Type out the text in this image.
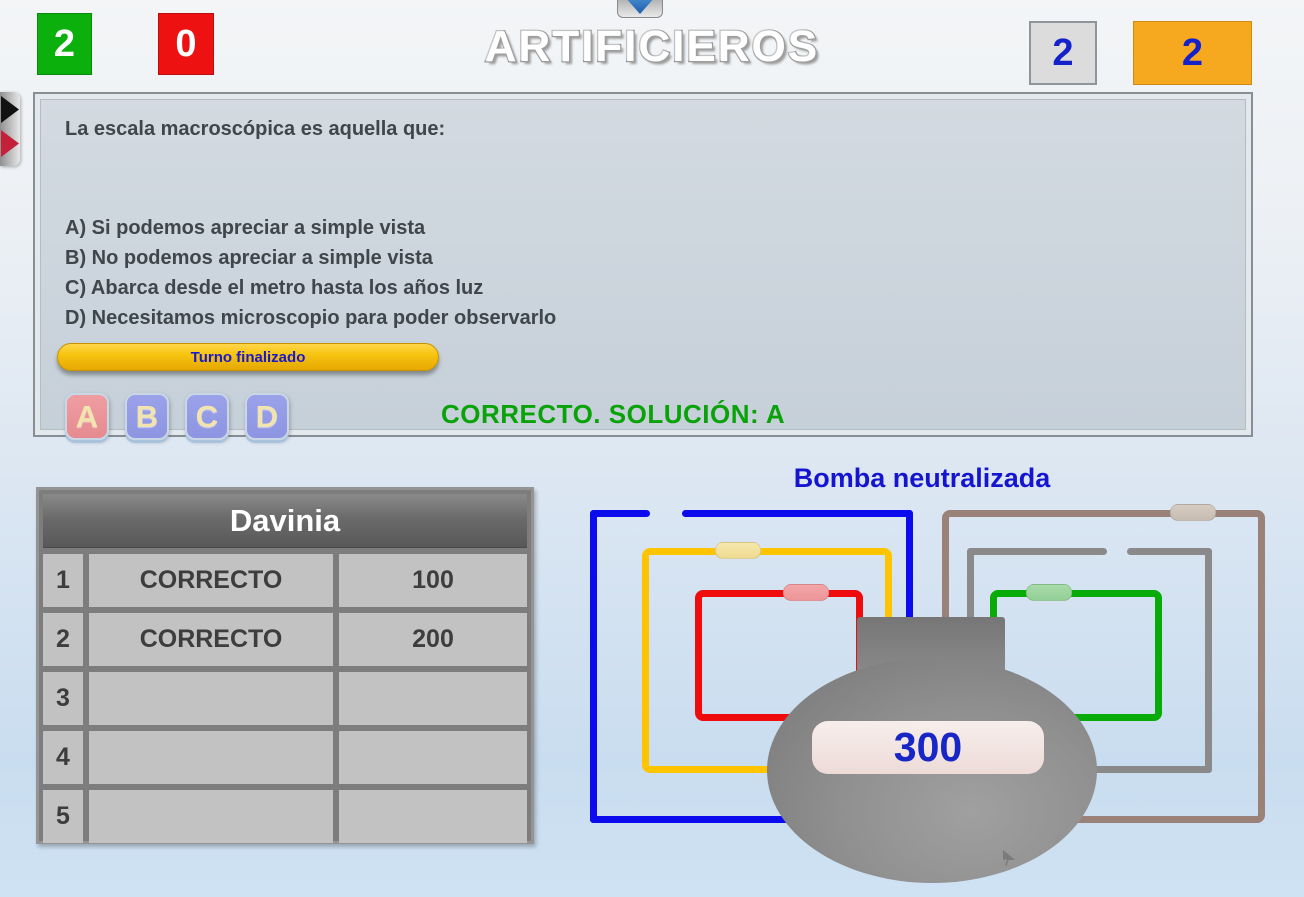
2	0	ARTIFICIEROS	2	2
La escala macroscópica es aquella que:
A) Si podemos apreciar a simple vista
B) No podemos apreciar a simple vista
C) Abarca desde el metro hasta los años luz
D) Necesitamos microscopio para poder observarlo
Turno finalizado
A	B	C	D	CORRECTO. SOLUCIÓN: A
Davinia
1	CORRECTO	100
2	CORRECTO	200
3
4
5
Bomba neutralizada
300
